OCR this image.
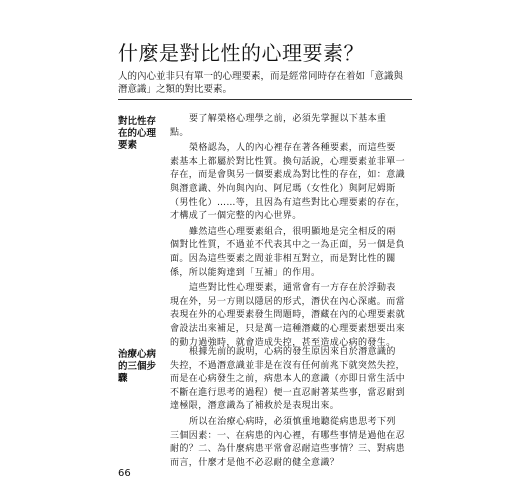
什麼是對比性的心理要素？
人的內心並非只有單一的心理要素，而是經常同時存在着如「意識與
潛意識」之類的對比要素。
對比性存
在的心理
要素
要了解榮格心理學之前，必須先掌握以下基本重
點。
榮格認為，人的內心裡存在著各種要素，而這些要
素基本上都屬於對比性質。換句話說，心理要素並非單一
存在，而是會與另一個要素成為對比性的存在，如：意識
與潛意識、外向與內向、阿尼瑪（女性化）與阿尼姆斯
（男性化）……等，且因為有這些對比心理要素的存在，
才構成了一個完整的內心世界。
雖然這些心理要素組合，很明顯地是完全相反的兩
個對比性質，不過並不代表其中之一為正面，另一個是負
面。因為這些要素之間並非相互對立，而是對比性的關
係，所以能夠達到「互補」的作用。
這些對比性心理要素，通常會有一方存在於浮動表
現在外，另一方則以隱居的形式，潛伏在內心深處。而當
表現在外的心理要素發生問題時，潛藏在內的心理要素就
會設法出來補足，只是萬一這種潛藏的心理要素想要出來
的動力過強時，就會造成失控，甚至造成心病的發生。
治療心病
的三個步
驟
根據先前的說明，心病的發生原因來自於潛意識的
失控，不過潛意識並非是在沒有任何前兆下就突然失控，
而是在心病發生之前，病患本人的意識（亦即日常生活中
不斷在進行思考的過程）便一直忍耐著某些事，當忍耐到
達極限，潛意識為了補救於是表現出來。
所以在治療心病時，必須慎重地聽從病患思考下列
三個因素：一、在病患的內心裡，有哪些事情是過他在忍
耐的？二、為什麼病患平常會忍耐這些事情？三、對病患
而言，什麼才是他不必忍耐的健全意識？
66
